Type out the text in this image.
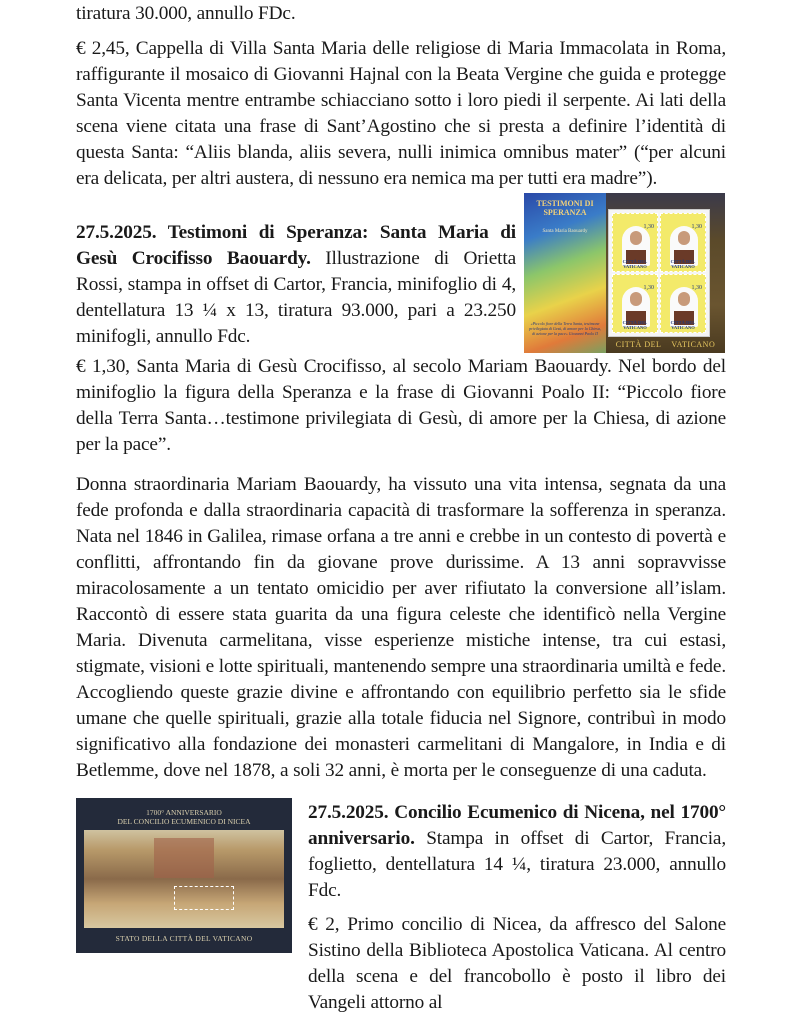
tiratura 30.000, annullo FDc.

€ 2,45, Cappella di Villa Santa Maria delle religiose di Maria Immacolata in Roma, raffigurante il mosaico di Giovanni Hajnal con la Beata Vergine che guida e protegge Santa Vicenta mentre entrambe schiacciano sotto i loro piedi il serpente. Ai lati della scena viene citata una frase di Sant’Agostino che si presta a definire l’identità di questa Santa: “Aliis blanda, aliis severa, nulli inimica omnibus mater” (“per alcuni era delicata, per altri austera, di nessuno era nemica ma per tutti era madre”).

27.5.2025. Testimoni di Speranza: Santa Maria di Gesù Crocifisso Baouardy. Illustrazione di Orietta Rossi, stampa in offset di Cartor, Francia, minifoglio di 4, dentellatura 13 ¼ x 13, tiratura 93.000, pari a 23.250 minifogli, annullo Fdc.

TESTIMONI DI SPERANZA
Santa Maria Baouardy
«Piccolo fiore della Terra Santa, testimone privilegiata di Gesù, di amore per la Chiesa, di azione per la pace» Giovanni Paolo II
1,30
CITTÀ DEL VATICANO
1,30
CITTÀ DEL VATICANO
1,30
CITTÀ DEL VATICANO
1,30
CITTÀ DEL VATICANO
CITTÀ DEL VATICANO

€ 1,30, Santa Maria di Gesù Crocifisso, al secolo Mariam Baouardy. Nel bordo del minifoglio la figura della Speranza e la frase di Giovanni Poalo II: “Piccolo fiore della Terra Santa…testimone privilegiata di Gesù, di amore per la Chiesa, di azione per la pace”.

Donna straordinaria Mariam Baouardy, ha vissuto una vita intensa, segnata da una fede profonda e dalla straordinaria capacità di trasformare la sofferenza in speranza. Nata nel 1846 in Galilea, rimase orfana a tre anni e crebbe in un contesto di povertà e conflitti, affrontando fin da giovane prove durissime. A 13 anni sopravvisse miracolosamente a un tentato omicidio per aver rifiutato la conversione all’islam. Raccontò di essere stata guarita da una figura celeste che identificò nella Vergine Maria. Divenuta carmelitana, visse esperienze mistiche intense, tra cui estasi, stigmate, visioni e lotte spirituali, mantenendo sempre una straordinaria umiltà e fede. Accogliendo queste grazie divine e affrontando con equilibrio perfetto sia le sfide umane che quelle spirituali, grazie alla totale fiducia nel Signore, contribuì in modo significativo alla fondazione dei monasteri carmelitani di Mangalore, in India e di Betlemme, dove nel 1878, a soli 32 anni, è morta per le conseguenze di una caduta.

1700° ANNIVERSARIO
DEL CONCILIO ECUMENICO DI NICEA
STATO DELLA CITTÀ DEL VATICANO

27.5.2025. Concilio Ecumenico di Nicena, nel 1700° anniversario. Stampa in offset di Cartor, Francia, foglietto, dentellatura 14 ¼, tiratura 23.000, annullo Fdc.

€ 2, Primo concilio di Nicea, da affresco del Salone Sistino della Biblioteca Apostolica Vaticana. Al centro della scena e del francobollo è posto il libro dei Vangeli attorno al
